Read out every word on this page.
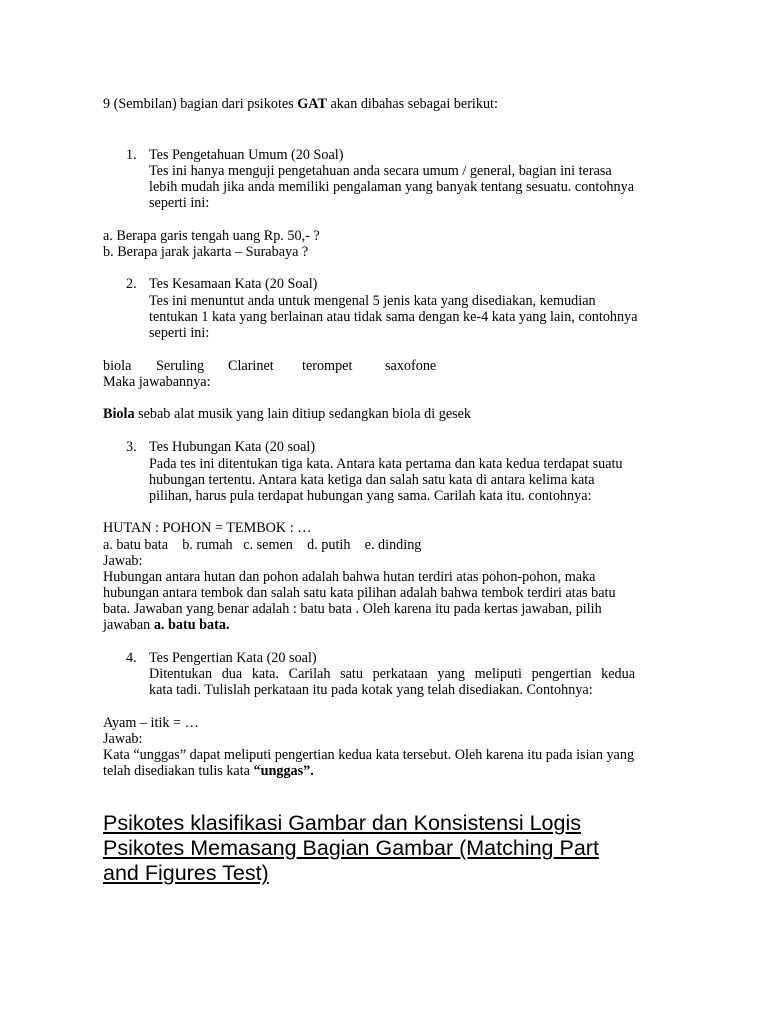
9 (Sembilan) bagian dari psikotes GAT akan dibahas sebagai berikut:
1. Tes Pengetahuan Umum (20 Soal)
Tes ini hanya menguji pengetahuan anda secara umum / general, bagian ini terasa
lebih mudah jika anda memiliki pengalaman yang banyak tentang sesuatu. contohnya
seperti ini:
a. Berapa garis tengah uang Rp. 50,- ?
b. Berapa jarak jakarta – Surabaya ?
2. Tes Kesamaan Kata (20 Soal)
Tes ini menuntut anda untuk mengenal 5 jenis kata yang disediakan, kemudian
tentukan 1 kata yang berlainan atau tidak sama dengan ke-4 kata yang lain, contohnya
seperti ini:
biola Seruling Clarinet terompet saxofone
Maka jawabannya:
Biola sebab alat musik yang lain ditiup sedangkan biola di gesek
3. Tes Hubungan Kata (20 soal)
Pada tes ini ditentukan tiga kata. Antara kata pertama dan kata kedua terdapat suatu
hubungan tertentu. Antara kata ketiga dan salah satu kata di antara kelima kata
pilihan, harus pula terdapat hubungan yang sama. Carilah kata itu. contohnya:
HUTAN : POHON = TEMBOK : …
a. batu bata b. rumah c. semen d. putih e. dinding
Jawab:
Hubungan antara hutan dan pohon adalah bahwa hutan terdiri atas pohon-pohon, maka
hubungan antara tembok dan salah satu kata pilihan adalah bahwa tembok terdiri atas batu
bata. Jawaban yang benar adalah : batu bata . Oleh karena itu pada kertas jawaban, pilih
jawaban a. batu bata.
4. Tes Pengertian Kata (20 soal)
Ditentukan dua kata. Carilah satu perkataan yang meliputi pengertian kedua
kata tadi. Tulislah perkataan itu pada kotak yang telah disediakan. Contohnya:
Ayam – itik = …
Jawab:
Kata “unggas” dapat meliputi pengertian kedua kata tersebut. Oleh karena itu pada isian yang
telah disediakan tulis kata “unggas”.
Psikotes klasifikasi Gambar dan Konsistensi Logis
Psikotes Memasang Bagian Gambar (Matching Part
and Figures Test)
